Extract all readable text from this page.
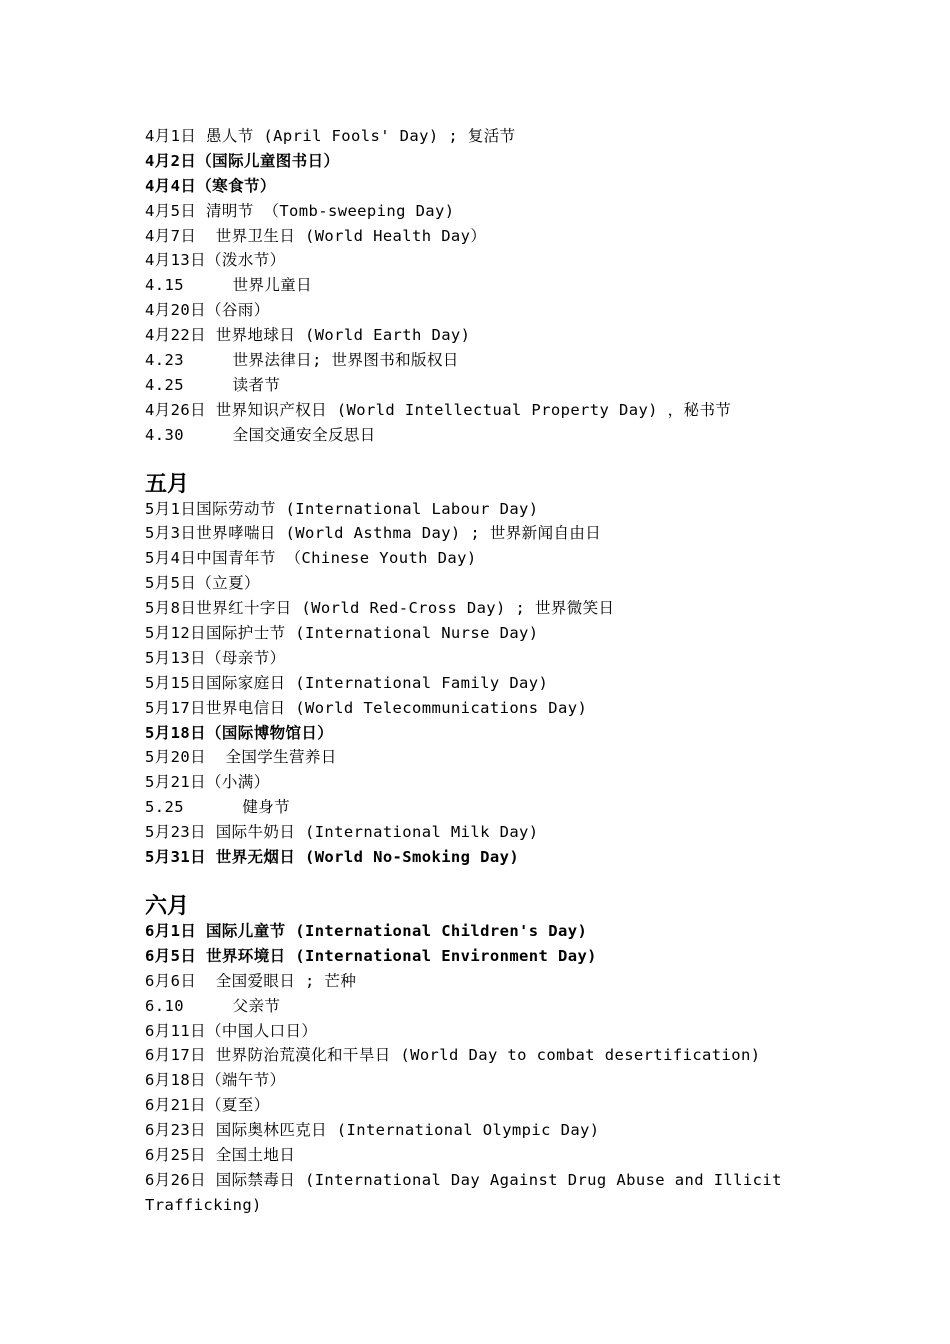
4月1日 愚人节 (April Fools' Day) ; 复活节
4月2日（国际儿童图书日）
4月4日（寒食节）
4月5日 清明节 （Tomb-sweeping Day)
4月7日  世界卫生日 (World Health Day）
4月13日（泼水节）
4.15     世界儿童日
4月20日（谷雨）
4月22日 世界地球日 (World Earth Day)
4.23     世界法律日; 世界图书和版权日
4.25     读者节
4月26日 世界知识产权日 (World Intellectual Property Day) ，秘书节
4.30     全国交通安全反思日
五月
5月1日国际劳动节 (International Labour Day)
5月3日世界哮喘日 (World Asthma Day) ; 世界新闻自由日
5月4日中国青年节 （Chinese Youth Day)
5月5日（立夏）
5月8日世界红十字日 (World Red-Cross Day) ; 世界微笑日
5月12日国际护士节 (International Nurse Day)
5月13日（母亲节）
5月15日国际家庭日 (International Family Day)
5月17日世界电信日 (World Telecommunications Day)
5月18日（国际博物馆日）
5月20日  全国学生营养日
5月21日（小满）
5.25      健身节
5月23日 国际牛奶日 (International Milk Day)
5月31日 世界无烟日 (World No-Smoking Day)
六月
6月1日 国际儿童节 (International Children's Day)
6月5日 世界环境日 (International Environment Day)
6月6日  全国爱眼日 ; 芒种
6.10     父亲节
6月11日（中国人口日）
6月17日 世界防治荒漠化和干旱日 (World Day to combat desertification)
6月18日（端午节）
6月21日（夏至）
6月23日 国际奥林匹克日 (International Olympic Day)
6月25日 全国土地日
6月26日 国际禁毒日 (International Day Against Drug Abuse and Illicit Trafficking)
